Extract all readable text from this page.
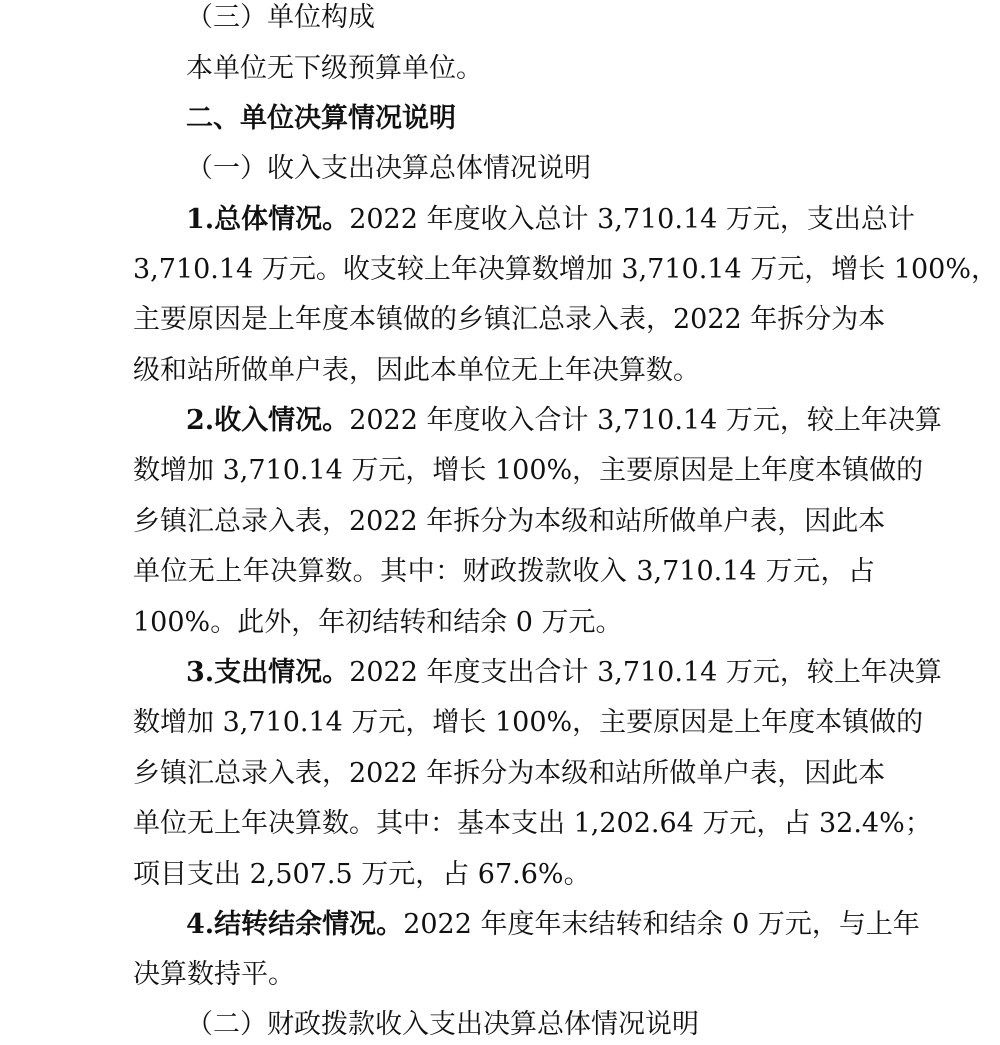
（三）单位构成

本单位无下级预算单位。

二、单位决算情况说明

（一）收入支出决算总体情况说明

1.总体情况。2022 年度收入总计 3,710.14 万元，支出总计

3,710.14 万元。收支较上年决算数增加 3,710.14 万元，增长 100%，

主要原因是上年度本镇做的乡镇汇总录入表，2022 年拆分为本

级和站所做单户表，因此本单位无上年决算数。

2.收入情况。2022 年度收入合计 3,710.14 万元，较上年决算

数增加 3,710.14 万元，增长 100%，主要原因是上年度本镇做的

乡镇汇总录入表，2022 年拆分为本级和站所做单户表，因此本

单位无上年决算数。其中：财政拨款收入 3,710.14 万元，占

100%。此外，年初结转和结余 0 万元。

3.支出情况。2022 年度支出合计 3,710.14 万元，较上年决算

数增加 3,710.14 万元，增长 100%，主要原因是上年度本镇做的

乡镇汇总录入表，2022 年拆分为本级和站所做单户表，因此本

单位无上年决算数。其中：基本支出 1,202.64 万元，占 32.4%；

项目支出 2,507.5 万元，占 67.6%。

4.结转结余情况。2022 年度年末结转和结余 0 万元，与上年

决算数持平。

（二）财政拨款收入支出决算总体情况说明
